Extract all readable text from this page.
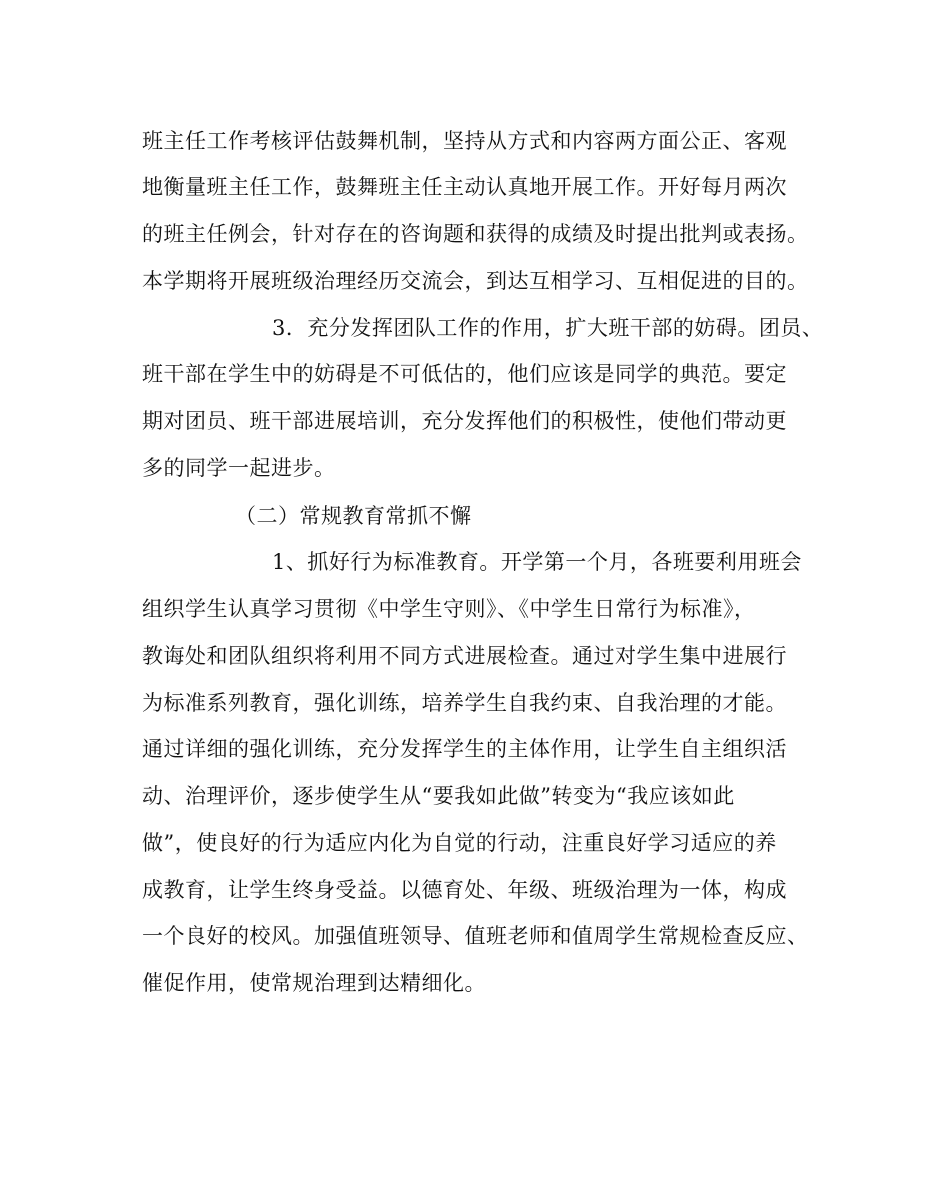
班主任工作考核评估鼓舞机制，坚持从方式和内容两方面公正、客观
地衡量班主任工作，鼓舞班主任主动认真地开展工作。开好每月两次
的班主任例会，针对存在的咨询题和获得的成绩及时提出批判或表扬。
本学期将开展班级治理经历交流会，到达互相学习、互相促进的目的。
3．充分发挥团队工作的作用，扩大班干部的妨碍。团员、
班干部在学生中的妨碍是不可低估的，他们应该是同学的典范。要定
期对团员、班干部进展培训，充分发挥他们的积极性，使他们带动更
多的同学一起进步。
（二）常规教育常抓不懈
1、抓好行为标准教育。开学第一个月，各班要利用班会
组织学生认真学习贯彻《中学生守则》、《中学生日常行为标准》，
教诲处和团队组织将利用不同方式进展检查。通过对学生集中进展行
为标准系列教育，强化训练，培养学生自我约束、自我治理的才能。
通过详细的强化训练，充分发挥学生的主体作用，让学生自主组织活
动、治理评价，逐步使学生从“要我如此做”转变为“我应该如此
做”，使良好的行为适应内化为自觉的行动，注重良好学习适应的养
成教育，让学生终身受益。以德育处、年级、班级治理为一体，构成
一个良好的校风。加强值班领导、值班老师和值周学生常规检查反应、
催促作用，使常规治理到达精细化。
